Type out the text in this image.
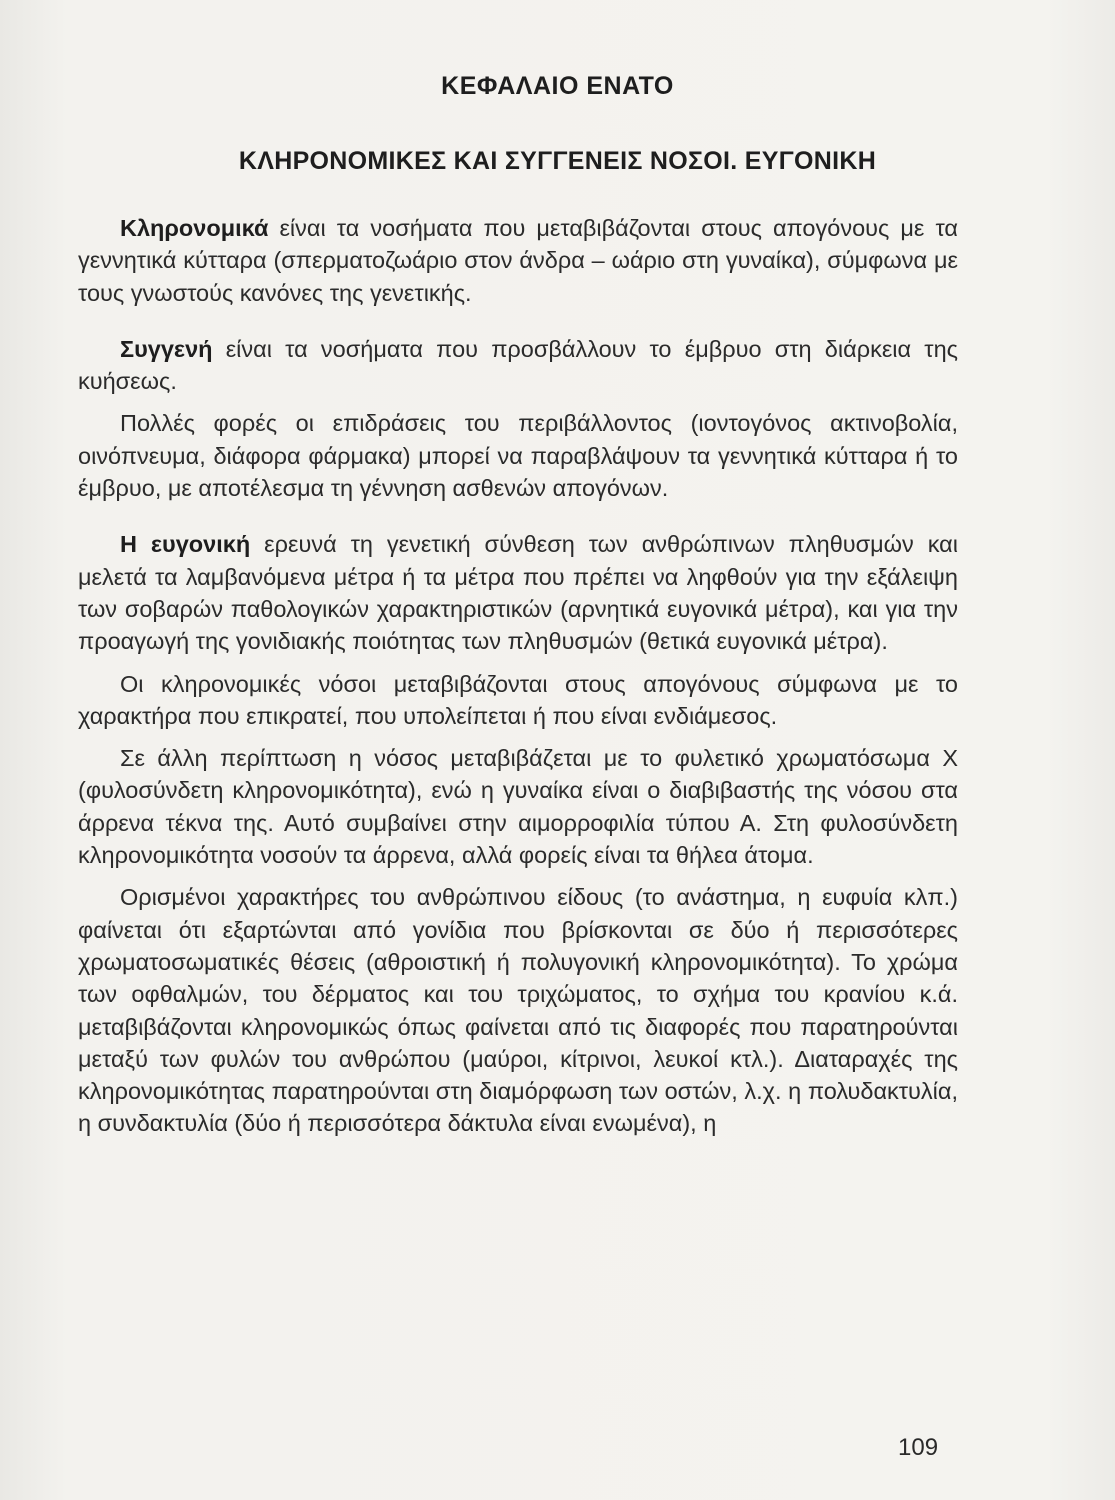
ΚΕΦΑΛΑΙΟ ΕΝΑΤΟ
ΚΛΗΡΟΝΟΜΙΚΕΣ ΚΑΙ ΣΥΓΓΕΝΕΙΣ ΝΟΣΟΙ. ΕΥΓΟΝΙΚΗ

Κληρονομικά είναι τα νοσήματα που μεταβιβάζονται στους απογόνους με τα γεννητικά κύτταρα (σπερματοζωάριο στον άνδρα – ωάριο στη γυναίκα), σύμφωνα με τους γνωστούς κανόνες της γενετικής.

Συγγενή είναι τα νοσήματα που προσβάλλουν το έμβρυο στη διάρκεια της κυήσεως.

Πολλές φορές οι επιδράσεις του περιβάλλοντος (ιοντογόνος ακτινοβολία, οινόπνευμα, διάφορα φάρμακα) μπορεί να παραβλάψουν τα γεννητικά κύτταρα ή το έμβρυο, με αποτέλεσμα τη γέννηση ασθενών απογόνων.

Η ευγονική ερευνά τη γενετική σύνθεση των ανθρώπινων πληθυσμών και μελετά τα λαμβανόμενα μέτρα ή τα μέτρα που πρέπει να ληφθούν για την εξάλειψη των σοβαρών παθολογικών χαρακτηριστικών (αρνητικά ευγονικά μέτρα), και για την προαγωγή της γονιδιακής ποιότητας των πληθυσμών (θετικά ευγονικά μέτρα).

Οι κληρονομικές νόσοι μεταβιβάζονται στους απογόνους σύμφωνα με το χαρακτήρα που επικρατεί, που υπολείπεται ή που είναι ενδιάμεσος.

Σε άλλη περίπτωση η νόσος μεταβιβάζεται με το φυλετικό χρωματόσωμα Χ (φυλοσύνδετη κληρονομικότητα), ενώ η γυναίκα είναι ο διαβιβαστής της νόσου στα άρρενα τέκνα της. Αυτό συμβαίνει στην αιμορροφιλία τύπου Α. Στη φυλοσύνδετη κληρονομικότητα νοσούν τα άρρενα, αλλά φορείς είναι τα θήλεα άτομα.

Ορισμένοι χαρακτήρες του ανθρώπινου είδους (το ανάστημα, η ευφυία κλπ.) φαίνεται ότι εξαρτώνται από γονίδια που βρίσκονται σε δύο ή περισσότερες χρωματοσωματικές θέσεις (αθροιστική ή πολυγονική κληρονομικότητα). Το χρώμα των οφθαλμών, του δέρματος και του τριχώματος, το σχήμα του κρανίου κ.ά. μεταβιβάζονται κληρονομικώς όπως φαίνεται από τις διαφορές που παρατηρούνται μεταξύ των φυλών του ανθρώπου (μαύροι, κίτρινοι, λευκοί κτλ.). Διαταραχές της κληρονομικότητας παρατηρούνται στη διαμόρφωση των οστών, λ.χ. η πολυδακτυλία, η συνδακτυλία (δύο ή περισσότερα δάκτυλα είναι ενωμένα), η

109
